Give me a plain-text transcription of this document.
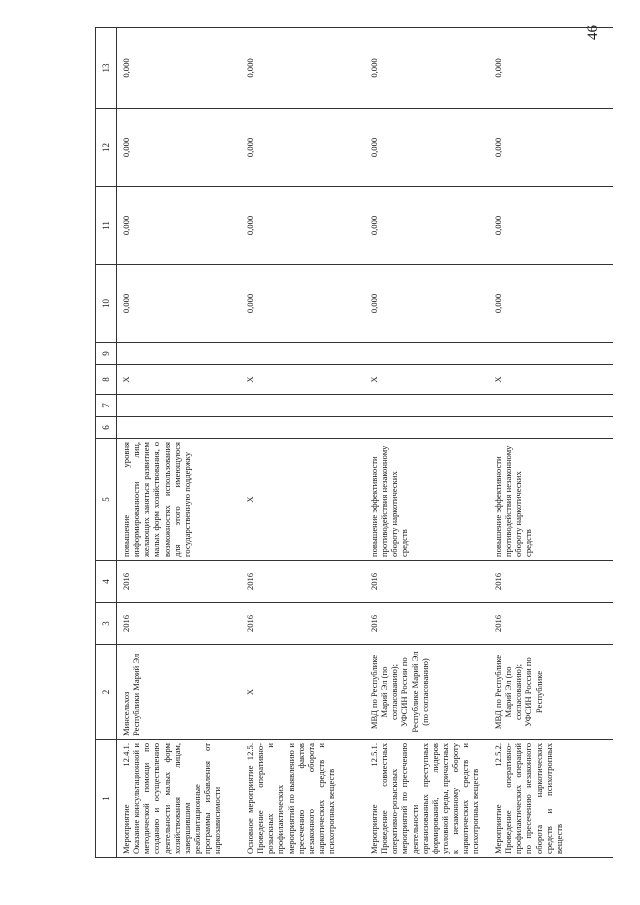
46
1	2	3	4	5	6	7	8	9	10	11	12	13
Мероприятие 12.4.1. Оказание консультационной и методической помощи по созданию и осуществлению деятельности малых форм хозяйствования лицам, завершившим реабилитационные программы избавления от наркозависимости	Минсельхоз Республики Марий Эл	2016	2016	повышение уровня информированности лиц, желающих заняться развитием малых форм хозяйствования, о возможностях использования для этого имеющуюся государственную поддержку			X		0,000	0,000	0,000	0,000
Основное мероприятие 12.5. Проведение оперативно-розыскных и профилактических мероприятий по выявлению и пресечению фактов незаконного оборота наркотических средств и психотропных веществ	X	2016	2016	X			X		0,000	0,000	0,000	0,000
Мероприятие 12.5.1. Проведение совместных оперативно-розыскных мероприятий по пресечению деятельности организованных преступных формирований, лидеров уголовной среды, причастных к незаконному обороту наркотических средств и психотропных веществ	МВД по Республике Марий Эл (по согласованию); УФСИН России по Республике Марий Эл (по согласованию)	2016	2016	повышение эффективности противодействия незаконному обороту наркотических средств			X		0,000	0,000	0,000	0,000
Мероприятие 12.5.2. Проведение оперативно-профилактических операций по пресечению незаконного оборота наркотических средств и психотропных веществ	МВД по Республике Марий Эл (по согласованию); УФСИН России по Республике	2016	2016	повышение эффективности противодействия незаконному обороту наркотических средств			X		0,000	0,000	0,000	0,000
